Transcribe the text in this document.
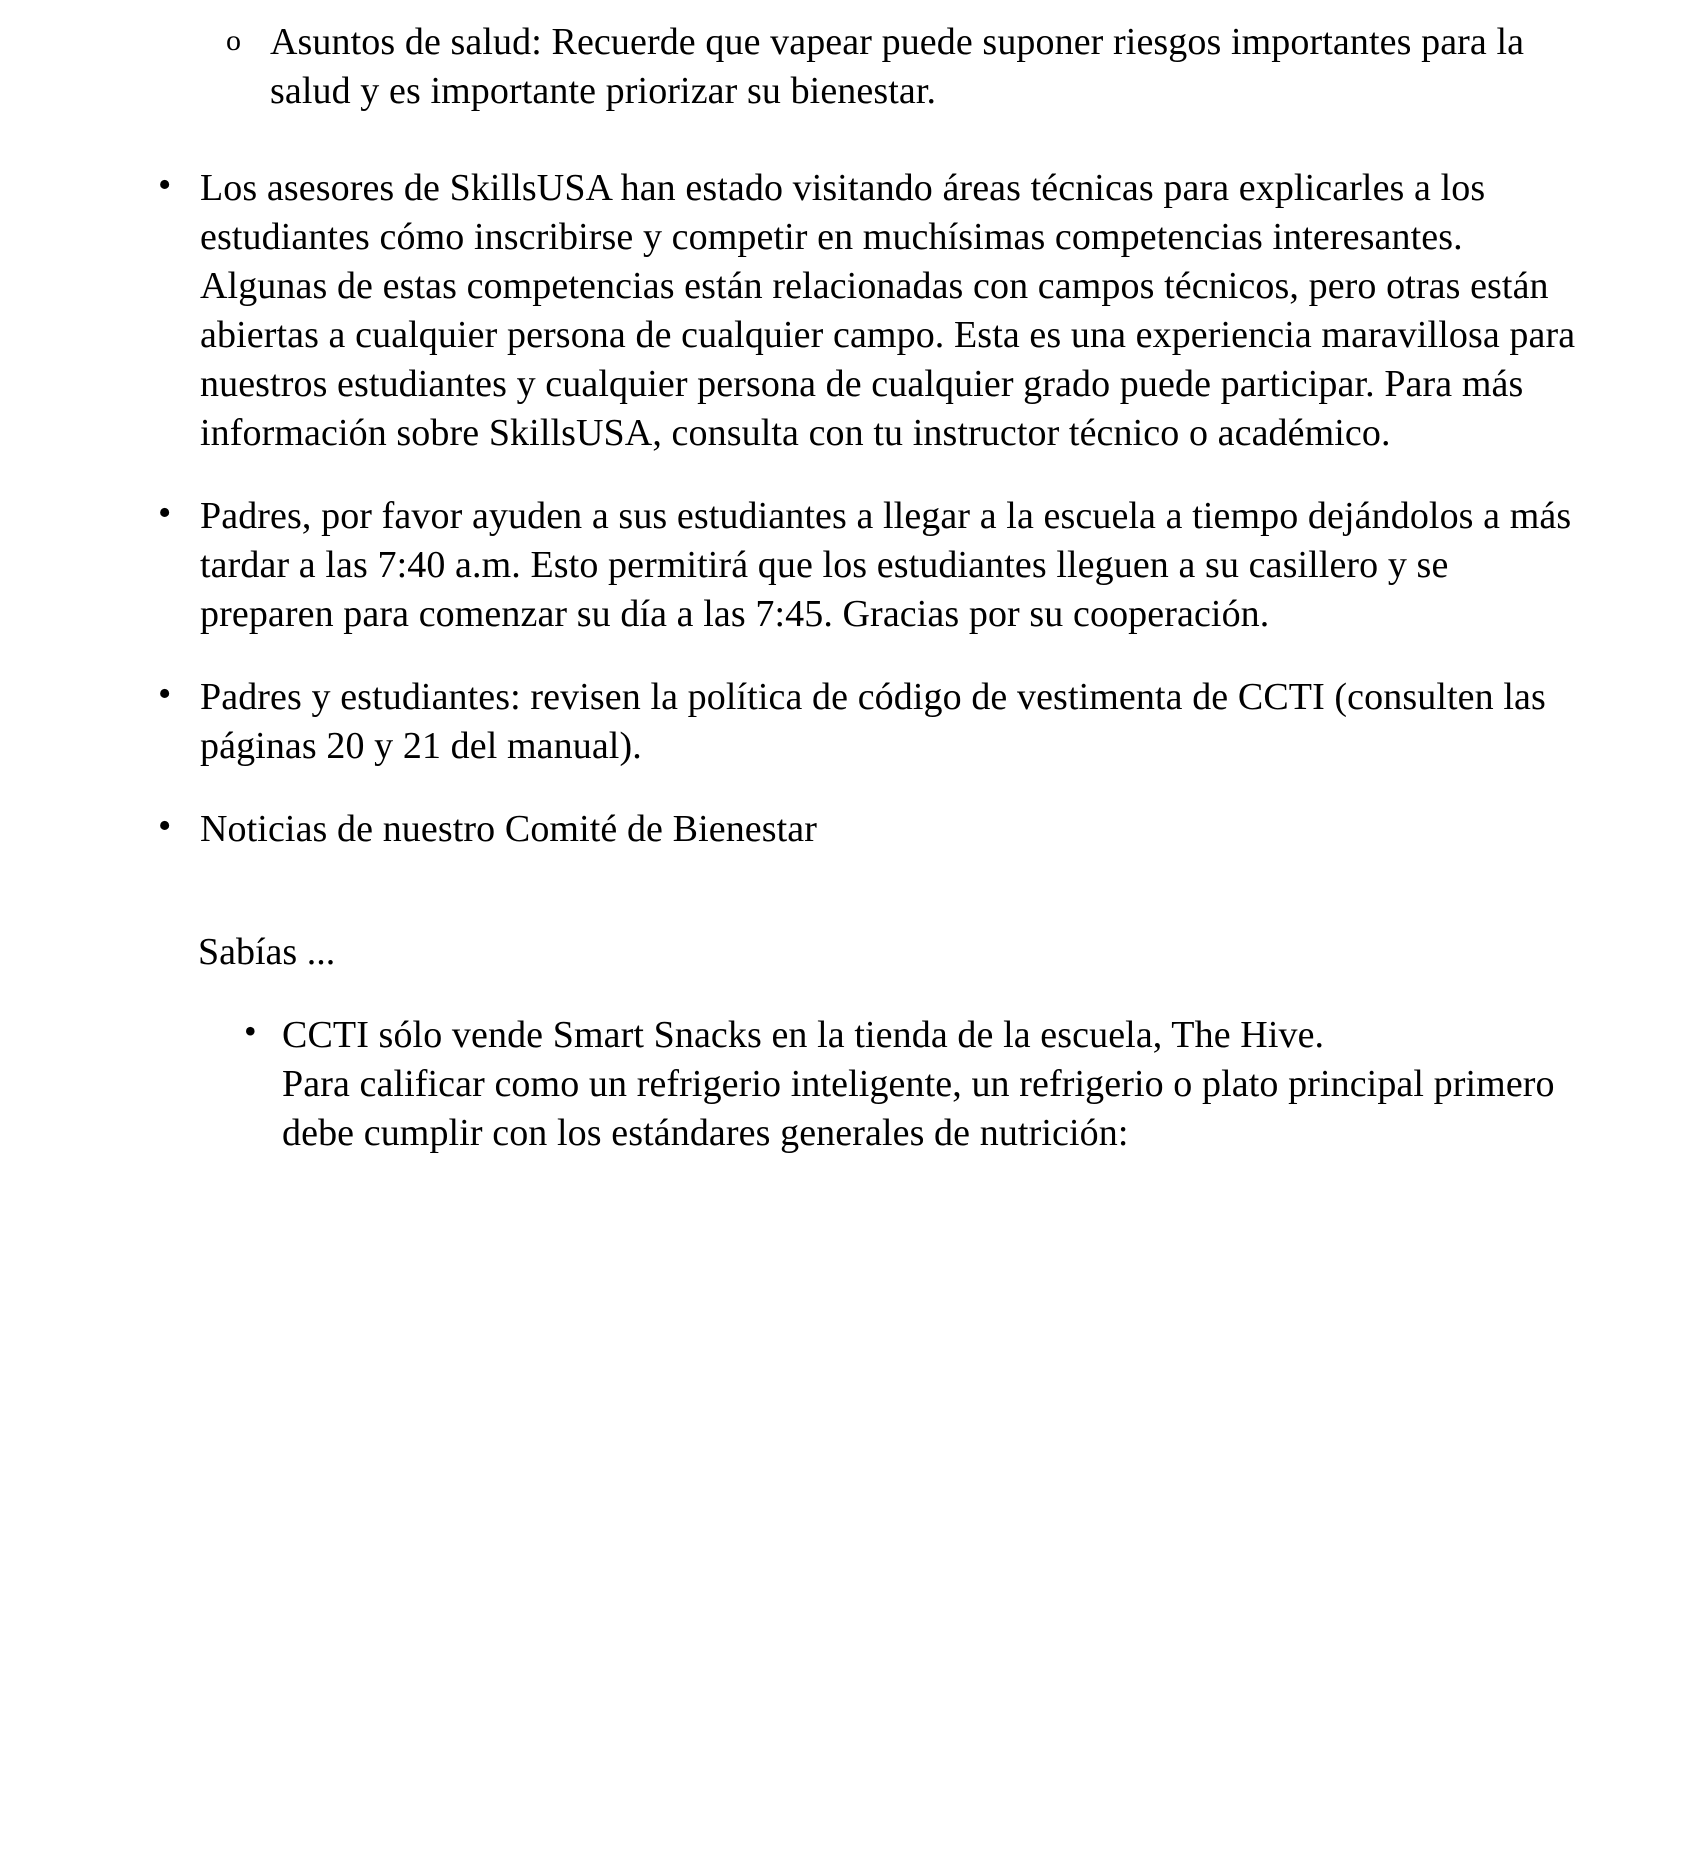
o Asuntos de salud: Recuerde que vapear puede suponer riesgos importantes para la salud y es importante priorizar su bienestar.
• Los asesores de SkillsUSA han estado visitando áreas técnicas para explicarles a los estudiantes cómo inscribirse y competir en muchísimas competencias interesantes. Algunas de estas competencias están relacionadas con campos técnicos, pero otras están abiertas a cualquier persona de cualquier campo. Esta es una experiencia maravillosa para nuestros estudiantes y cualquier persona de cualquier grado puede participar. Para más información sobre SkillsUSA, consulta con tu instructor técnico o académico.
• Padres, por favor ayuden a sus estudiantes a llegar a la escuela a tiempo dejándolos a más tardar a las 7:40 a.m. Esto permitirá que los estudiantes lleguen a su casillero y se preparen para comenzar su día a las 7:45. Gracias por su cooperación.
• Padres y estudiantes: revisen la política de código de vestimenta de CCTI (consulten las páginas 20 y 21 del manual).
• Noticias de nuestro Comité de Bienestar

Sabías ...

• CCTI sólo vende Smart Snacks en la tienda de la escuela, The Hive.
Para calificar como un refrigerio inteligente, un refrigerio o plato principal primero debe cumplir con los estándares generales de nutrición:
